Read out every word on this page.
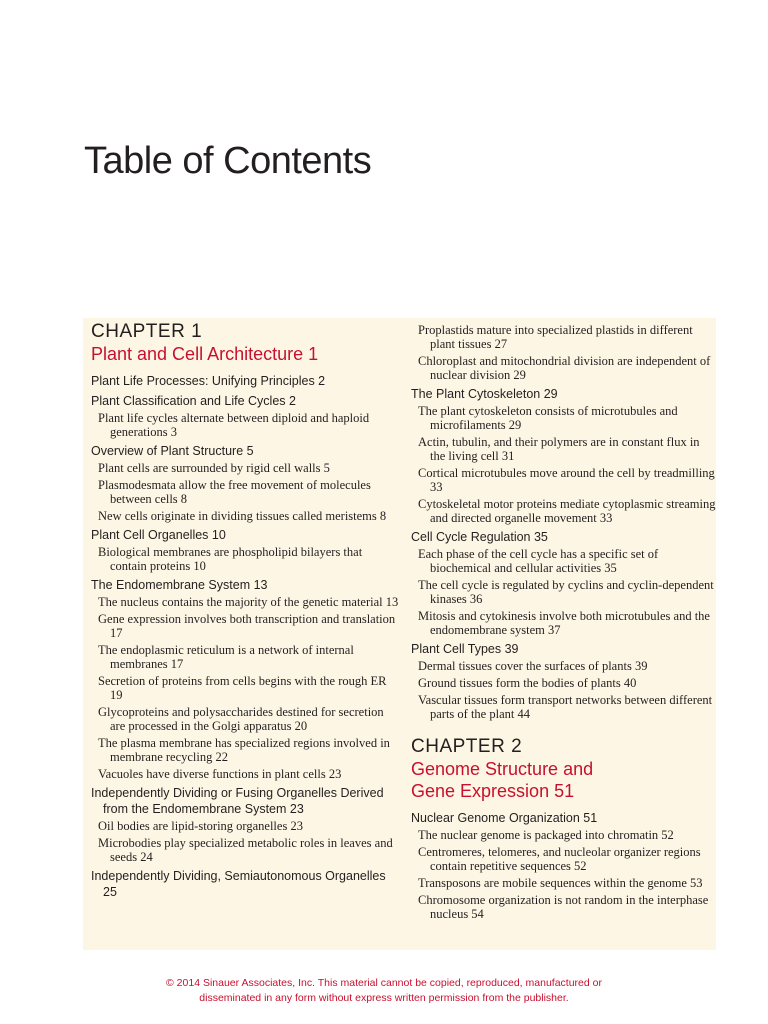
Table of Contents
CHAPTER 1
Plant and Cell Architecture 1
Plant Life Processes: Unifying Principles 2
Plant Classification and Life Cycles 2
Plant life cycles alternate between diploid and haploid generations 3
Overview of Plant Structure 5
Plant cells are surrounded by rigid cell walls 5
Plasmodesmata allow the free movement of molecules between cells 8
New cells originate in dividing tissues called meristems 8
Plant Cell Organelles 10
Biological membranes are phospholipid bilayers that contain proteins 10
The Endomembrane System 13
The nucleus contains the majority of the genetic material 13
Gene expression involves both transcription and translation 17
The endoplasmic reticulum is a network of internal membranes 17
Secretion of proteins from cells begins with the rough ER 19
Glycoproteins and polysaccharides destined for secretion are processed in the Golgi apparatus 20
The plasma membrane has specialized regions involved in membrane recycling 22
Vacuoles have diverse functions in plant cells 23
Independently Dividing or Fusing Organelles Derived from the Endomembrane System 23
Oil bodies are lipid-storing organelles 23
Microbodies play specialized metabolic roles in leaves and seeds 24
Independently Dividing, Semiautonomous Organelles 25
Proplastids mature into specialized plastids in different plant tissues 27
Chloroplast and mitochondrial division are independent of nuclear division 29
The Plant Cytoskeleton 29
The plant cytoskeleton consists of microtubules and microfilaments 29
Actin, tubulin, and their polymers are in constant flux in the living cell 31
Cortical microtubules move around the cell by treadmilling 33
Cytoskeletal motor proteins mediate cytoplasmic streaming and directed organelle movement 33
Cell Cycle Regulation 35
Each phase of the cell cycle has a specific set of biochemical and cellular activities 35
The cell cycle is regulated by cyclins and cyclin-dependent kinases 36
Mitosis and cytokinesis involve both microtubules and the endomembrane system 37
Plant Cell Types 39
Dermal tissues cover the surfaces of plants 39
Ground tissues form the bodies of plants 40
Vascular tissues form transport networks between different parts of the plant 44
CHAPTER 2
Genome Structure and
Gene Expression 51
Nuclear Genome Organization 51
The nuclear genome is packaged into chromatin 52
Centromeres, telomeres, and nucleolar organizer regions contain repetitive sequences 52
Transposons are mobile sequences within the genome 53
Chromosome organization is not random in the interphase nucleus 54
© 2014 Sinauer Associates, Inc. This material cannot be copied, reproduced, manufactured or
disseminated in any form without express written permission from the publisher.
